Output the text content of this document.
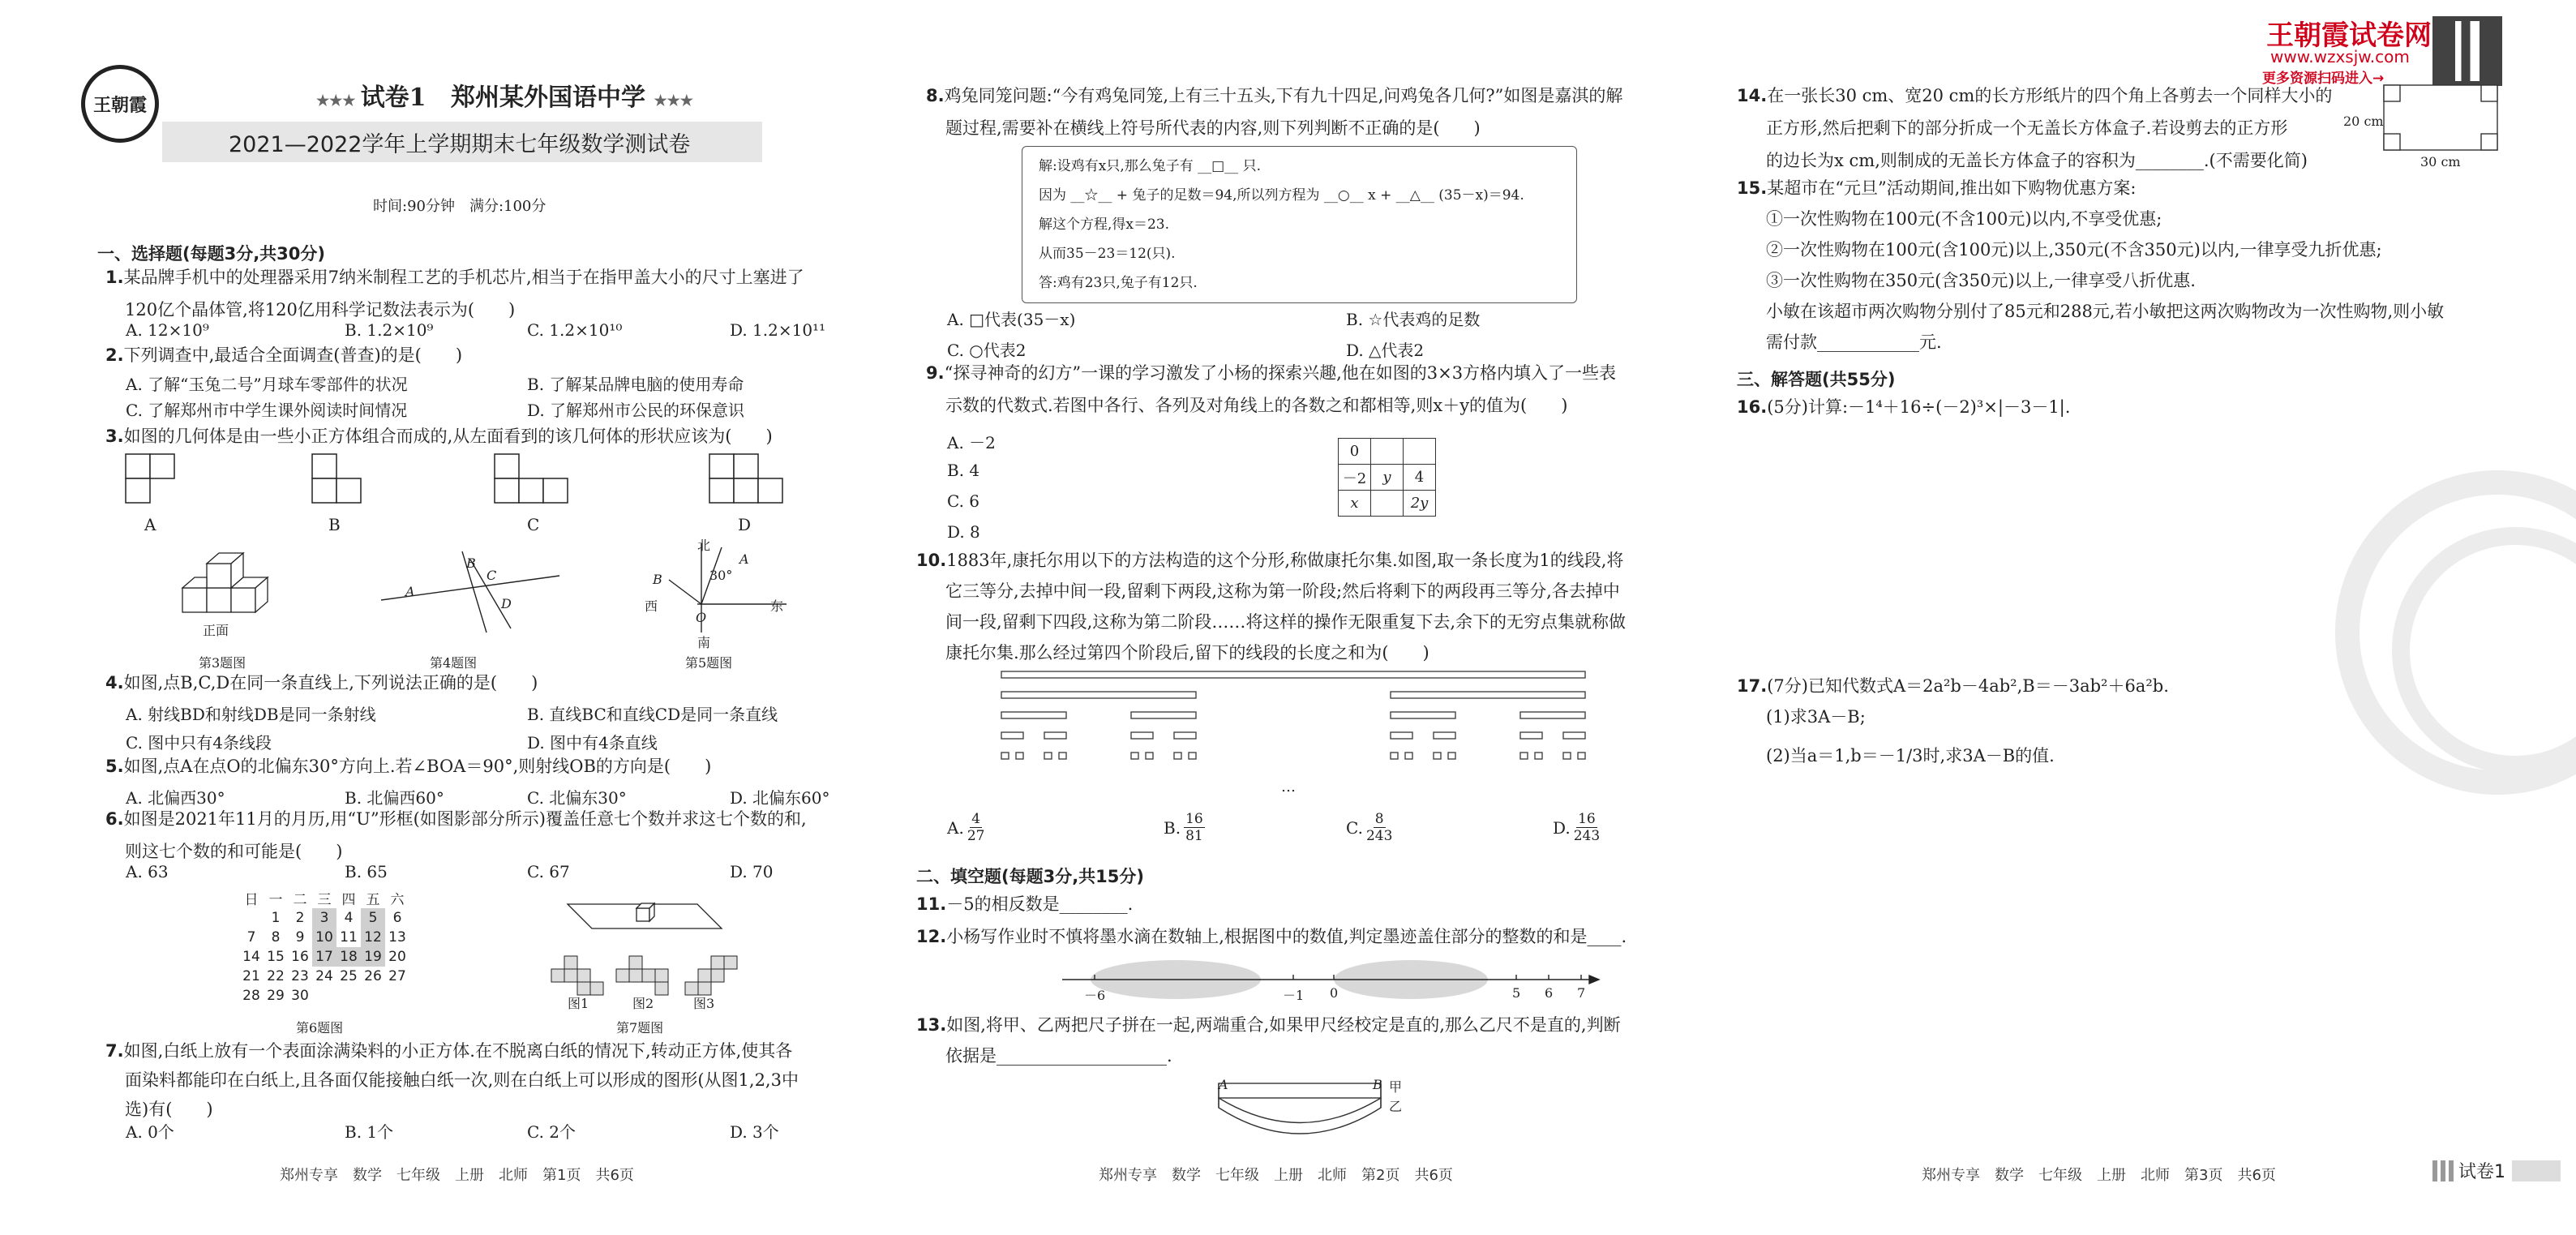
王朝霞	★★★ 试卷1 郑州某外国语中学 ★★★
2021—2022学年上学期期末七年级数学测试卷
时间:90分钟　满分:100分
一、选择题(每题3分,共30分)
1.某品牌手机中的处理器采用7纳米制程工艺的手机芯片,相当于在指甲盖大小的尺寸上塞进了
120亿个晶体管,将120亿用科学记数法表示为(　　)
A. 12×10⁹	B. 1.2×10⁹	C. 1.2×10¹⁰	D. 1.2×10¹¹
2.下列调查中,最适合全面调查(普查)的是(　　)
A. 了解“玉兔二号”月球车零部件的状况	B. 了解某品牌电脑的使用寿命
C. 了解郑州市中学生课外阅读时间情况	D. 了解郑州市公民的环保意识
3.如图的几何体是由一些小正方体组合而成的,从左面看到的该几何体的形状应该为(　　)
A	B	C	D
正面
第3题图
A
B
C
D
第4题图
北
南
西	东
O
A
B	30°
第5题图
4.如图,点B,C,D在同一条直线上,下列说法正确的是(　　)
A. 射线BD和射线DB是同一条射线	B. 直线BC和直线CD是同一条直线
C. 图中只有4条线段	D. 图中有4条直线
5.如图,点A在点O的北偏东30°方向上.若∠BOA＝90°,则射线OB的方向是(　　)
A. 北偏西30°	B. 北偏西60°	C. 北偏东30°	D. 北偏东60°
6.如图是2021年11月的月历,用“U”形框(如图影部分所示)覆盖任意七个数并求这七个数的和,
则这七个数的和可能是(　　)
A. 63	B. 65	C. 67	D. 70
日	一	二	三	四	五	六
	1	2	3	4	5	6
7	8	9	10	11	12	13
14	15	16	17	18	19	20
21	22	23	24	25	26	27
28	29	30				
第6题图
图1	图2	图3
第7题图
7.如图,白纸上放有一个表面涂满染料的小正方体.在不脱离白纸的情况下,转动正方体,使其各
面染料都能印在白纸上,且各面仅能接触白纸一次,则在白纸上可以形成的图形(从图1,2,3中
选)有(　　)
A. 0个	B. 1个	C. 2个	D. 3个
郑州专享　数学　七年级　上册　北师　第1页　共6页
8.鸡兔同笼问题:“今有鸡兔同笼,上有三十五头,下有九十四足,问鸡兔各几何?”如图是嘉淇的解
题过程,需要补在横线上符号所代表的内容,则下列判断不正确的是(　　)
解:设鸡有x只,那么兔子有 __□__ 只.
因为 __☆__ + 兔子的足数＝94,所以列方程为 __○__ x + __△__ (35－x)＝94.
解这个方程,得x＝23.
从而35－23＝12(只).
答:鸡有23只,兔子有12只.
A. □代表(35－x)	B. ☆代表鸡的足数
C. ○代表2	D. △代表2
9.“探寻神奇的幻方”一课的学习激发了小杨的探索兴趣,他在如图的3×3方格内填入了一些表
示数的代数式.若图中各行、各列及对角线上的各数之和都相等,则x＋y的值为(　　)
A. －2
B. 4
C. 6
D. 8
0		
－2	y	4
x		2y
10.1883年,康托尔用以下的方法构造的这个分形,称做康托尔集.如图,取一条长度为1的线段,将
它三等分,去掉中间一段,留剩下两段,这称为第一阶段;然后将剩下的两段再三等分,各去掉中
间一段,留剩下四段,这称为第二阶段……将这样的操作无限重复下去,余下的无穷点集就称做
康托尔集.那么经过第四个阶段后,留下的线段的长度之和为(　　)
…
A. $\frac{4}{27}$	B. $\frac{16}{81}$	C. $\frac{8}{243}$	D. $\frac{16}{243}$
二、填空题(每题3分,共15分)
11.－5的相反数是________.
12.小杨写作业时不慎将墨水滴在数轴上,根据图中的数值,判定墨迹盖住部分的整数的和是____.
－6	－1 0	5 6 7
13.如图,将甲、乙两把尺子拼在一起,两端重合,如果甲尺经校定是直的,那么乙尺不是直的,判断
依据是____________________.
A	B 甲
乙
郑州专享　数学　七年级　上册　北师　第2页　共6页
王朝霞试卷网
www.wzxsjw.com
更多资源扫码进入→
14.在一张长30 cm、宽20 cm的长方形纸片的四个角上各剪去一个同样大小的
正方形,然后把剩下的部分折成一个无盖长方体盒子.若设剪去的正方形
的边长为x cm,则制成的无盖长方体盒子的容积为________.(不需要化简)
20 cm
30 cm
15.某超市在“元旦”活动期间,推出如下购物优惠方案:
①一次性购物在100元(不含100元)以内,不享受优惠;
②一次性购物在100元(含100元)以上,350元(不含350元)以内,一律享受九折优惠;
③一次性购物在350元(含350元)以上,一律享受八折优惠.
小敏在该超市两次购物分别付了85元和288元,若小敏把这两次购物改为一次性购物,则小敏
需付款____________元.
三、解答题(共55分)
16.(5分)计算:－1⁴＋16÷(－2)³×|－3－1|.
17.(7分)已知代数式A＝2a²b－4ab²,B＝－3ab²＋6a²b.
(1)求3A－B;
(2)当a＝1,b＝－1/3时,求3A－B的值.
郑州专享　数学　七年级　上册　北师　第3页　共6页	试卷1
